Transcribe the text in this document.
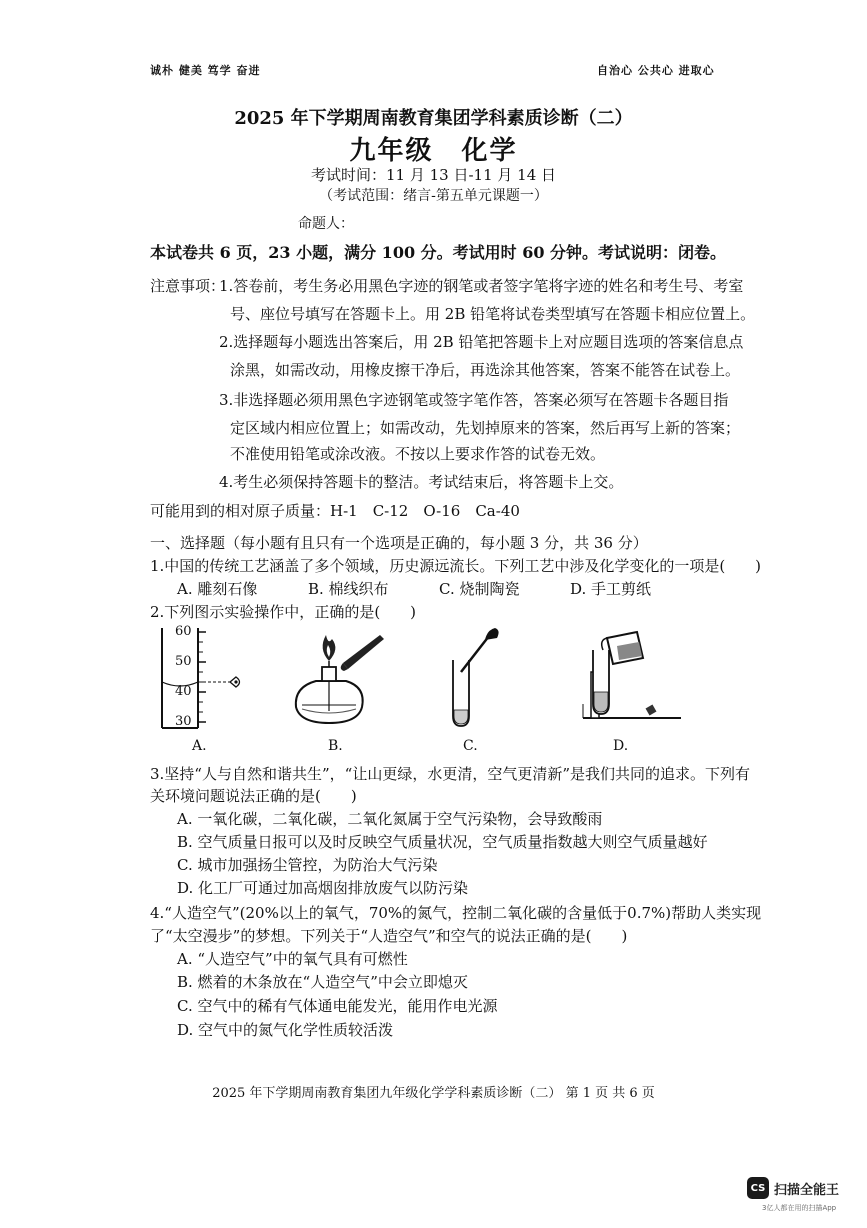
诚朴 健美 笃学 奋进	自治心 公共心 进取心
2025 年下学期周南教育集团学科素质诊断（二）
九年级　化学
考试时间：11 月 13 日-11 月 14 日
（考试范围：绪言-第五单元课题一）
命题人：
本试卷共 6 页，23 小题，满分 100 分。考试用时 60 分钟。考试说明：闭卷。
注意事项：
1.答卷前，考生务必用黑色字迹的钢笔或者签字笔将字迹的姓名和考生号、考室
号、座位号填写在答题卡上。用 2B 铅笔将试卷类型填写在答题卡相应位置上。
2.选择题每小题选出答案后，用 2B 铅笔把答题卡上对应题目选项的答案信息点
涂黑，如需改动，用橡皮擦干净后，再选涂其他答案，答案不能答在试卷上。
3.非选择题必须用黑色字迹钢笔或签字笔作答，答案必须写在答题卡各题目指
定区域内相应位置上；如需改动，先划掉原来的答案，然后再写上新的答案；
不准使用铅笔或涂改液。不按以上要求作答的试卷无效。
4.考生必须保持答题卡的整洁。考试结束后，将答题卡上交。
可能用到的相对原子质量：H-1　C-12　O-16　Ca-40
一、选择题（每小题有且只有一个选项是正确的，每小题 3 分，共 36 分）
1.中国的传统工艺涵盖了多个领域，历史源远流长。下列工艺中涉及化学变化的一项是(　　)
A. 雕刻石像	B. 棉线织布	C. 烧制陶瓷	D. 手工剪纸
2.下列图示实验操作中，正确的是(　　)
60
50
40
30
A.	B.	C.	D.
3.坚持“人与自然和谐共生”，“让山更绿，水更清，空气更清新”是我们共同的追求。下列有
关环境问题说法正确的是(　　)
A. 一氧化碳，二氧化碳，二氧化氮属于空气污染物，会导致酸雨
B. 空气质量日报可以及时反映空气质量状况，空气质量指数越大则空气质量越好
C. 城市加强扬尘管控，为防治大气污染
D. 化工厂可通过加高烟囱排放废气以防污染
4.“人造空气”(20%以上的氧气，70%的氮气，控制二氧化碳的含量低于0.7%)帮助人类实现
了“太空漫步”的梦想。下列关于“人造空气”和空气的说法正确的是(　　)
A. “人造空气”中的氧气具有可燃性
B. 燃着的木条放在“人造空气”中会立即熄灭
C. 空气中的稀有气体通电能发光，能用作电光源
D. 空气中的氮气化学性质较活泼
2025 年下学期周南教育集团九年级化学学科素质诊断（二） 第 1 页 共 6 页
CS 扫描全能王
3亿人都在用的扫描App
